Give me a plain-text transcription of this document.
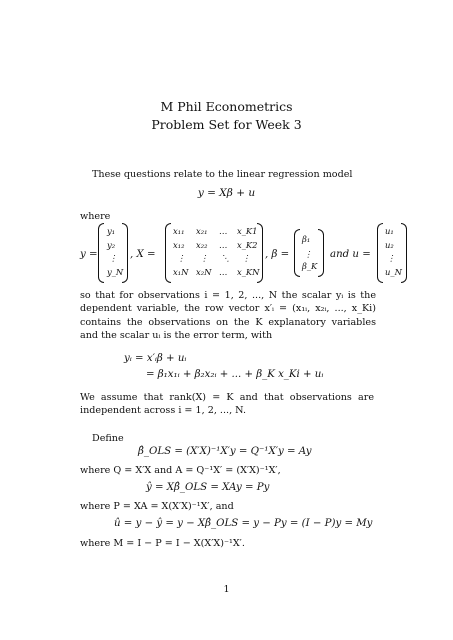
M Phil Econometrics
Problem Set for Week 3
These questions relate to the linear regression model
y = Xβ + u
where
y =
y₁
y₂
⋮
y_N
, X =
x₁₁ x₂₁ … x_K1
x₁₂ x₂₂ … x_K2
⋮ ⋮ ⋱ ⋮
x₁N x₂N … x_KN
, β =
β₁
⋮
β_K
and u =
u₁
u₂
⋮
u_N
so that for observations i = 1, 2, ..., N the scalar yᵢ is the dependent variable, the row vector x′ᵢ = (x₁ᵢ, x₂ᵢ, ..., x_Ki) contains the observations on the K explanatory variables and the scalar uᵢ is the error term, with
yᵢ = x′ᵢβ + uᵢ
= β₁x₁ᵢ + β₂x₂ᵢ + ... + β_K x_Ki + uᵢ
We assume that rank(X) = K and that observations are independent across i = 1, 2, ..., N.
Define
β̂_OLS = (X′X)⁻¹X′y = Q⁻¹X′y = Ay
where Q = X′X and A = Q⁻¹X′ = (X′X)⁻¹X′,
ŷ = Xβ̂_OLS = XAy = Py
where P = XA = X(X′X)⁻¹X′, and
û = y − ŷ = y − Xβ̂_OLS = y − Py = (I − P)y = My
where M = I − P = I − X(X′X)⁻¹X′.
1
